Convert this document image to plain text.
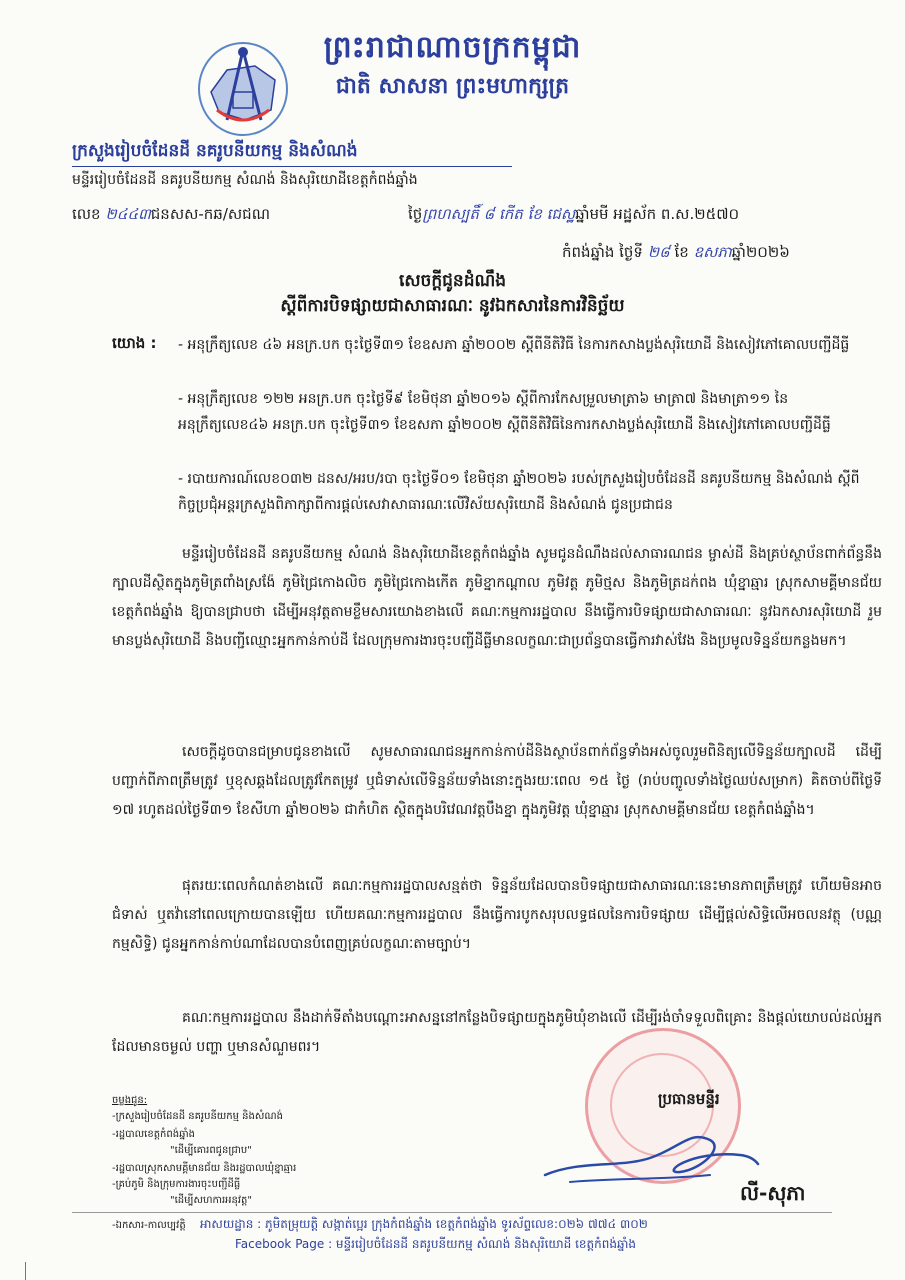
ព្រះរាជាណាចក្រកម្ពុជា
ជាតិ សាសនា ព្រះមហាក្សត្រ
ក្រសួងរៀបចំដែនដី នគរូបនីយកម្ម និងសំណង់
មន្ទីររៀបចំដែនដី នគរូបនីយកម្ម សំណង់ និងសុរិយោដីខេត្តកំពង់ឆ្នាំង
លេខ ២៤៤៣ជនសស-កឆ/សជណ	ថ្ងៃព្រហស្បតិ៍ ៨ កើត ខែ ជេស្ឋឆ្នាំមមី អដ្ឋស័ក ព.ស.២៥៧០
កំពង់ឆ្នាំង ថ្ងៃទី ២៨ ខែ ឧសភាឆ្នាំ២០២៦
សេចក្តីជូនដំណឹង
ស្តីពីការបិទផ្សាយជាសាធារណៈ នូវឯកសារនៃការវិនិច្ឆ័យ
យោង : - អនុក្រឹត្យលេខ ៤៦ អនក្រ.បក ចុះថ្ងៃទី៣១ ខែឧសភា ឆ្នាំ២០០២ ស្តីពីនីតិវិធី នៃការកសាងប្លង់សុរិយោដី និងសៀវភៅគោលបញ្ជីដីធ្លី
- អនុក្រឹត្យលេខ ១២២ អនក្រ.បក ចុះថ្ងៃទី៩ ខែមិថុនា ឆ្នាំ២០១៦ ស្តីពីការកែសម្រួលមាត្រា៦ មាត្រា៧ និងមាត្រា១១ នៃអនុក្រឹត្យលេខ៤៦ អនក្រ.បក ចុះថ្ងៃទី៣១ ខែឧសភា ឆ្នាំ២០០២ ស្តីពីនីតិវិធីនៃការកសាងប្លង់សុរិយោដី និងសៀវភៅគោលបញ្ជីដីធ្លី
- របាយការណ៍លេខ០៣២ ដនស/អរប/របា ចុះថ្ងៃទី០១ ខែមិថុនា ឆ្នាំ២០២៦ របស់ក្រសួងរៀបចំដែនដី នគរូបនីយកម្ម និងសំណង់ ស្តីពីកិច្ចប្រជុំអន្តរក្រសួងពិភាក្សាពីការផ្តល់សេវាសាធារណៈលើវិស័យសុរិយោដី និងសំណង់ ជូនប្រជាជន
មន្ទីររៀបចំដែនដី នគរូបនីយកម្ម សំណង់ និងសុរិយោដីខេត្តកំពង់ឆ្នាំង សូមជូនដំណឹងដល់សាធារណជន ម្ចាស់ដី និងគ្រប់ស្ថាប័នពាក់ព័ន្ធនឹងក្បាលដីស្ថិតក្នុងភូមិត្រពាំងស្រង៉ែ ភូមិជ្រៃកោងលិច ភូមិជ្រៃកោងកើត ភូមិខ្នាកណ្តាល ភូមិវត្ត ភូមិថ្មស និងភូមិត្រដក់ពង ឃុំខ្នាឆ្មារ ស្រុកសាមគ្គីមានជ័យ ខេត្តកំពង់ឆ្នាំង ឱ្យបានជ្រាបថា ដើម្បីអនុវត្តតាមខ្លឹមសារយោងខាងលើ គណៈកម្មការរដ្ឋបាល នឹងធ្វើការបិទផ្សាយជាសាធារណៈ នូវឯកសារសុរិយោដី រួមមានប្លង់សុរិយោដី និងបញ្ជីឈ្មោះអ្នកកាន់កាប់ដី ដែលក្រុមការងារចុះបញ្ជីដីធ្លីមានលក្ខណៈជាប្រព័ន្ធបានធ្វើការវាស់វែង និងប្រមូលទិន្នន័យកន្លងមក។
សេចក្តីដូចបានជម្រាបជូនខាងលើ សូមសាធារណជនអ្នកកាន់កាប់ដីនិងស្ថាប័នពាក់ព័ន្ធទាំងអស់ចូលរួមពិនិត្យលើទិន្នន័យក្បាលដី ដើម្បីបញ្ជាក់ពីភាពត្រឹមត្រូវ ឬខុសឆ្គងដែលត្រូវកែតម្រូវ ឬជំទាស់លើទិន្នន័យទាំងនោះក្នុងរយៈពេល ១៥ ថ្ងៃ (រាប់បញ្ចូលទាំងថ្ងៃឈប់សម្រាក) គិតចាប់ពីថ្ងៃទី ១៧ រហូតដល់ថ្ងៃទី៣១ ខែសីហា ឆ្នាំ២០២៦ ជាកំហិត ស្ថិតក្នុងបរិវេណវត្តបឹងខ្នា ក្នុងភូមិវត្ត ឃុំខ្នាឆ្មារ ស្រុកសាមគ្គីមានជ័យ ខេត្តកំពង់ឆ្នាំង។
ផុតរយៈពេលកំណត់ខាងលើ គណៈកម្មការរដ្ឋបាលសន្មត់ថា ទិន្នន័យដែលបានបិទផ្សាយជាសាធារណៈនេះមានភាពត្រឹមត្រូវ ហើយមិនអាចជំទាស់ ឬតវ៉ានៅពេលក្រោយបានឡើយ ហើយគណៈកម្មការរដ្ឋបាល នឹងធ្វើការបូកសរុបលទ្ធផលនៃការបិទផ្សាយ ដើម្បីផ្តល់សិទ្ធិលើអចលនវត្ថុ (បណ្ណកម្មសិទ្ធិ) ជូនអ្នកកាន់កាប់ណាដែលបានបំពេញគ្រប់លក្ខណៈតាមច្បាប់។
គណៈកម្មការរដ្ឋបាល នឹងដាក់ទីតាំងបណ្តោះអាសន្ននៅកន្លែងបិទផ្សាយក្នុងភូមិឃុំខាងលើ ដើម្បីរង់ចាំទទួលពិគ្រោះ និងផ្តល់យោបល់ដល់អ្នកដែលមានចម្ងល់ បញ្ហា ឬមានសំណួមពរ។
ប្រធានមន្ទីរ
លី-សុភា
ចម្លងជូន:
-ក្រសួងរៀបចំដែនដី នគរូបនីយកម្ម និងសំណង់
-រដ្ឋបាលខេត្តកំពង់ឆ្នាំង
"ដើម្បីគោរពជូនជ្រាប"
-រដ្ឋបាលស្រុកសាមគ្គីមានជ័យ និងរដ្ឋបាលឃុំខ្នាឆ្មារ
-គ្រប់ភូមិ និងក្រុមការងារចុះបញ្ជីដីធ្លី
"ដើម្បីសហការអនុវត្ត"
-ឯកសារ-កាលប្បវត្តិ អាសយដ្ឋាន : ភូមិតម្រុយត្តិ សង្កាត់ប្អេរ ក្រុងកំពង់ឆ្នាំង ខេត្តកំពង់ឆ្នាំង ទូរស័ព្ទលេខ:០២៦ ៧៧៤ ៣០២
Facebook Page : មន្ទីររៀបចំដែនដី នគរូបនីយកម្ម សំណង់ និងសុរិយោដី ខេត្តកំពង់ឆ្នាំង
